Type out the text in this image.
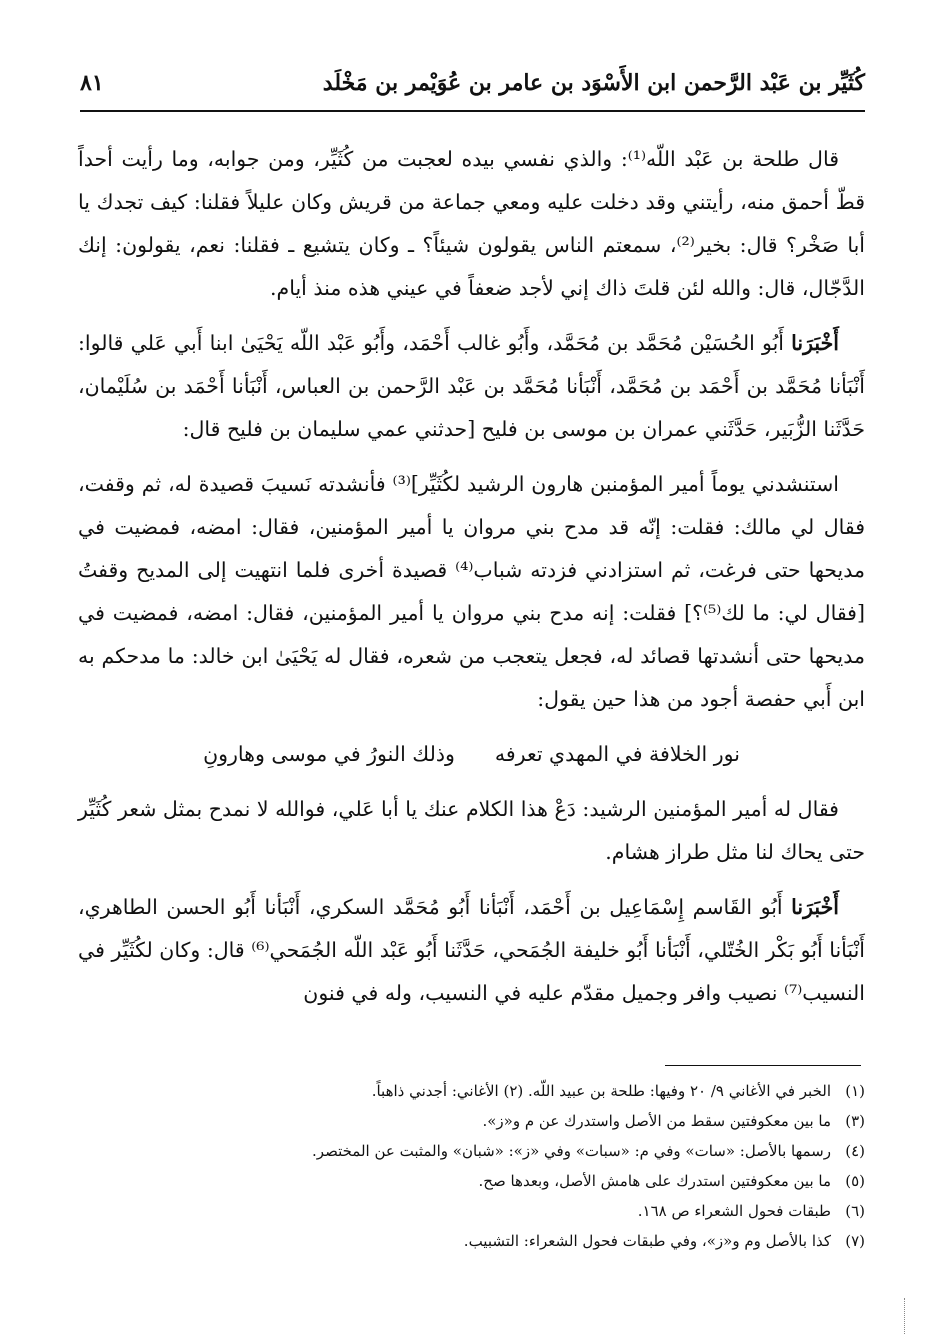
كُثَيِّر بن عَبْد الرَّحمن ابن الأَسْوَد بن عامر بن عُوَيْمر بن مَخْلَد
٨١

قال طلحة بن عَبْد اللّه⁽¹⁾: والذي نفسي بيده لعجبت من كُثَيِّر، ومن جوابه، وما رأيت أحداً قطّ أحمق منه، رأيتني وقد دخلت عليه ومعي جماعة من قريش وكان عليلاً فقلنا: كيف تجدك يا أبا صَخْر؟ قال: بخير⁽²⁾، سمعتم الناس يقولون شيئاً؟ ـ وكان يتشيع ـ فقلنا: نعم، يقولون: إنك الدَّجّال، قال: والله لئن قلتَ ذاك إني لأجد ضعفاً في عيني هذه منذ أيام.

أَخْبَرَنا أَبُو الحُسَيْن مُحَمَّد بن مُحَمَّد، وأَبُو غالب أَحْمَد، وأَبُو عَبْد اللّه يَحْيَىٰ ابنا أَبي عَلي قالوا: أَنْبَأنا مُحَمَّد بن أَحْمَد بن مُحَمَّد، أَنْبَأنا مُحَمَّد بن عَبْد الرَّحمن بن العباس، أَنْبَأنا أَحْمَد بن سُلَيْمان، حَدَّثَنا الزُّبَير، حَدَّثَني عمران بن موسى بن فليح [حدثني عمي سليمان بن فليح قال:

استنشدني يوماً أمير المؤمنبن هارون الرشيد لكُثَيِّر]⁽³⁾ فأنشدته نَسيبَ قصيدة له، ثم وقفت، فقال لي مالك: فقلت: إنّه قد مدح بني مروان يا أمير المؤمنين، فقال: امضه، فمضيت في مديحها حتى فرغت، ثم استزادني فزدته شباب⁽⁴⁾ قصيدة أخرى فلما انتهيت إلى المديح وقفتُ [فقال لي: ما لك⁽⁵⁾؟] فقلت: إنه مدح بني مروان يا أمير المؤمنين، فقال: امضه، فمضيت في مديحها حتى أنشدتها قصائد له، فجعل يتعجب من شعره، فقال له يَحْيَىٰ ابن خالد: ما مدحكم به ابن أَبي حفصة أجود من هذا حين يقول:

نور الخلافة في المهدي تعرفه
وذلك النورُ في موسى وهارونِ

فقال له أمير المؤمنين الرشيد: دَعْ هذا الكلام عنك يا أبا عَلي، فوالله لا نمدح بمثل شعر كُثَيِّر حتى يحاك لنا مثل طراز هشام.

أَخْبَرَنا أَبُو القَاسم إِسْمَاعِيل بن أَحْمَد، أَنْبَأنا أَبُو مُحَمَّد السكري، أَنْبَأنا أَبُو الحسن الطاهري، أَنْبَأنا أَبُو بَكْر الخُتّلي، أَنْبَأنا أَبُو خليفة الجُمَحي، حَدَّثَنا أَبُو عَبْد اللّه الجُمَحي⁽⁶⁾ قال: وكان لكُثَيِّر في النسيب⁽⁷⁾ نصيب وافر وجميل مقدّم عليه في النسيب، وله في فنون

(١)
الخبر في الأغاني ٩/ ٢٠ وفيها: طلحة بن عبيد اللّه. (٢) الأغاني: أجدني ذاهباً.
(٣)
ما بين معكوفتين سقط من الأصل واستدرك عن م و«ز».
(٤)
رسمها بالأصل: «سات» وفي م: «سبات» وفي «ز»: «شبان» والمثبت عن المختصر.
(٥)
ما بين معكوفتين استدرك على هامش الأصل، وبعدها صح.
(٦)
طبقات فحول الشعراء ص ١٦٨.
(٧)
كذا بالأصل وم و«ز»، وفي طبقات فحول الشعراء: التشبيب.
